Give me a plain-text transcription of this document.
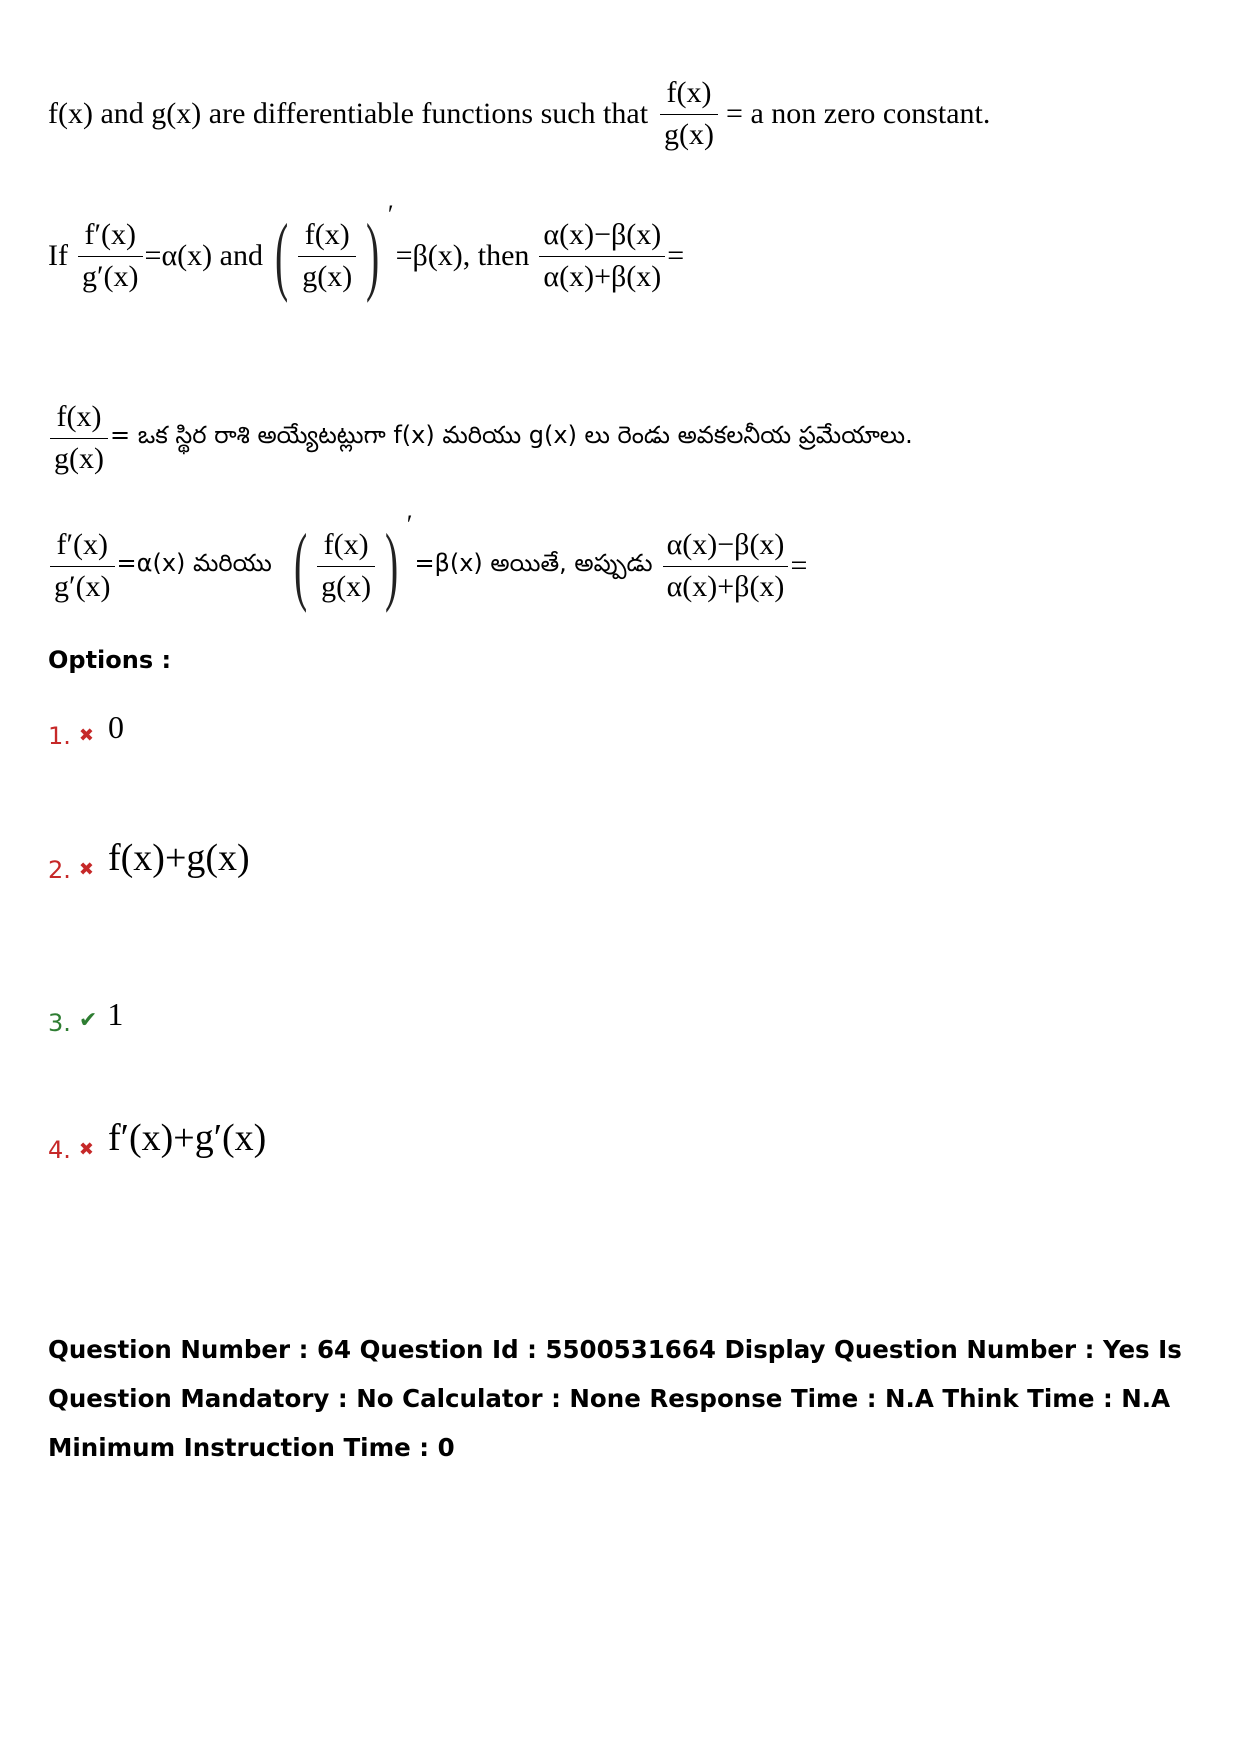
f(x) and g(x) are differentiable functions such that $\frac{f(x)}{g(x)} = a$ non zero constant.
If $\frac{f'(x)}{g'(x)} =\alpha(x)$ and ( $\frac{f(x)}{g(x)}$ ) ′
=β(x), then $\frac{\alpha(x)-\beta(x)}{\alpha(x)+\beta(x)}$ =
$\frac{f(x)}{g(x)}$ = ఒక స్థిర రాశి అయ్యేటట్లుగా f(x) మరియు g(x) లు రెండు అవకలనీయ ప్రమేయాలు.
$\frac{f'(x)}{g'(x)} =\alpha(x)$ మరియు ( $\frac{f(x)}{g(x)}$ ) ′
=β(x) అయితే, అప్పుడు $\frac{\alpha(x)-\beta(x)}{\alpha(x)+\beta(x)}$ =
Options :
1. ✖ 0
2. ✖ f(x)+g(x)
3. ✔ 1
4. ✖ f′(x)+g′(x)
Question Number : 64 Question Id : 5500531664 Display Question Number : Yes Is Question Mandatory : No Calculator : None Response Time : N.A Think Time : N.A Minimum Instruction Time : 0
